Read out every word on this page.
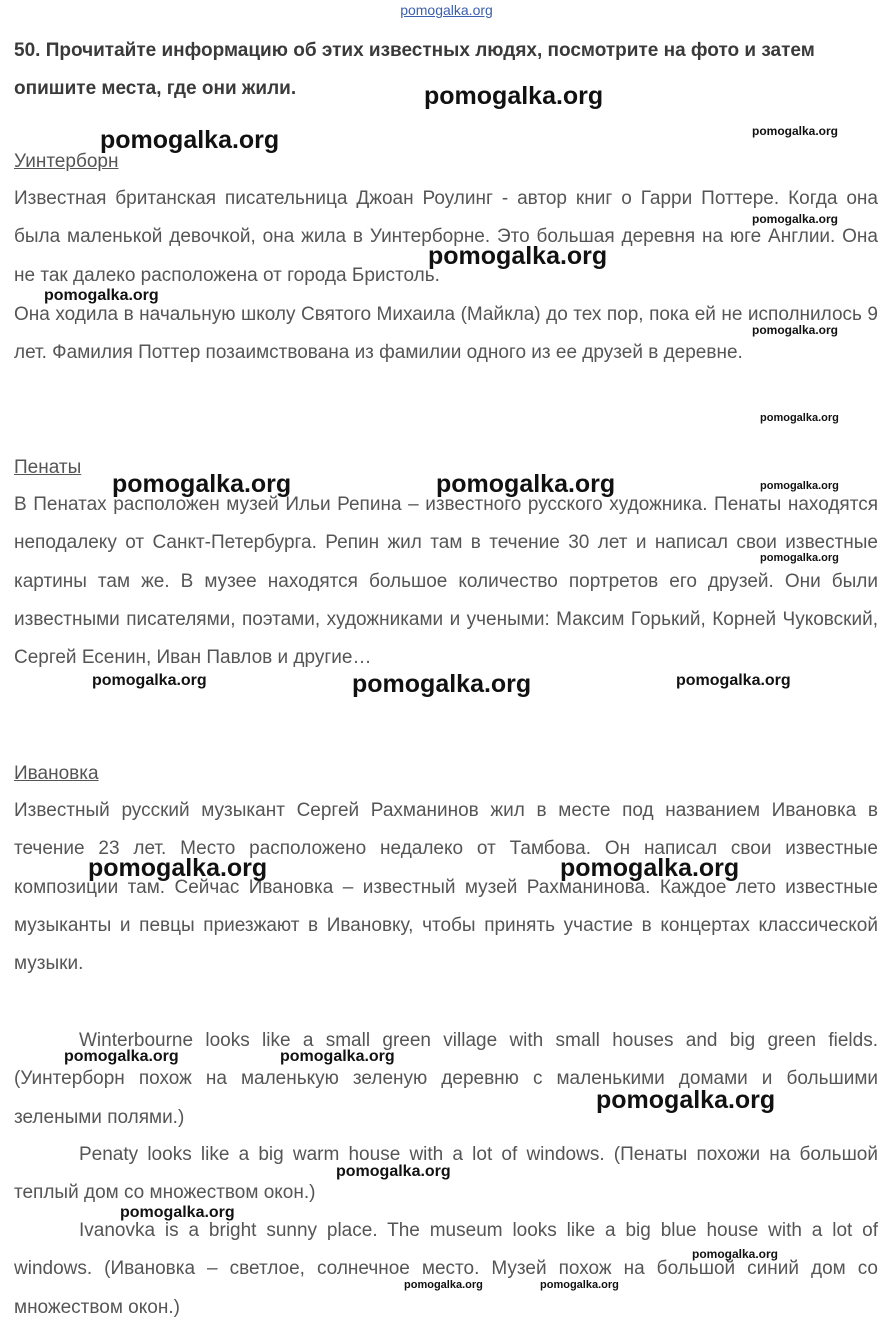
pomogalka.org
50. Прочитайте информацию об этих известных людях, посмотрите на фото и затем опишите места, где они жили.
Уинтерборн

Известная британская писательница Джоан Роулинг - автор книг о Гарри Поттере. Когда она была маленькой девочкой, она жила в Уинтерборне. Это большая деревня на юге Англии. Она не так далеко расположена от города Бристоль.

Она ходила в начальную школу Святого Михаила (Майкла) до тех пор, пока ей не исполнилось 9 лет. Фамилия Поттер позаимствована из фамилии одного из ее друзей в деревне.

Пенаты

В Пенатах расположен музей Ильи Репина – известного русского художника. Пенаты находятся неподалеку от Санкт-Петербурга. Репин жил там в течение 30 лет и написал свои известные картины там же. В музее находятся большое количество портретов его друзей. Они были известными писателями, поэтами, художниками и учеными: Максим Горький, Корней Чуковский, Сергей Есенин, Иван Павлов и другие…

Ивановка

Известный русский музыкант Сергей Рахманинов жил в месте под названием Ивановка в течение 23 лет. Место расположено недалеко от Тамбова. Он написал свои известные композиции там. Сейчас Ивановка – известный музей Рахманинова. Каждое лето известные музыканты и певцы приезжают в Ивановку, чтобы принять участие в концертах классической музыки.

Winterbourne looks like a small green village with small houses and big green fields. (Уинтерборн похож на маленькую зеленую деревню с маленькими домами и большими зелеными полями.)

Penaty looks like a big warm house with a lot of windows. (Пенаты похожи на большой теплый дом со множеством окон.)

Ivanovka is a bright sunny place. The museum looks like a big blue house with a lot of windows. (Ивановка – светлое, солнечное место. Музей похож на большой синий дом со множеством окон.)

pomogalka.org
pomogalka.org	pomogalka.org
pomogalka.org
pomogalka.org
pomogalka.org
pomogalka.org
pomogalka.org
pomogalka.org
pomogalka.org	pomogalka.org
pomogalka.org
pomogalka.org	pomogalka.org	pomogalka.org
pomogalka.org	pomogalka.org
pomogalka.org	pomogalka.org
pomogalka.org
pomogalka.org
pomogalka.org
pomogalka.org
pomogalka.org	pomogalka.org
